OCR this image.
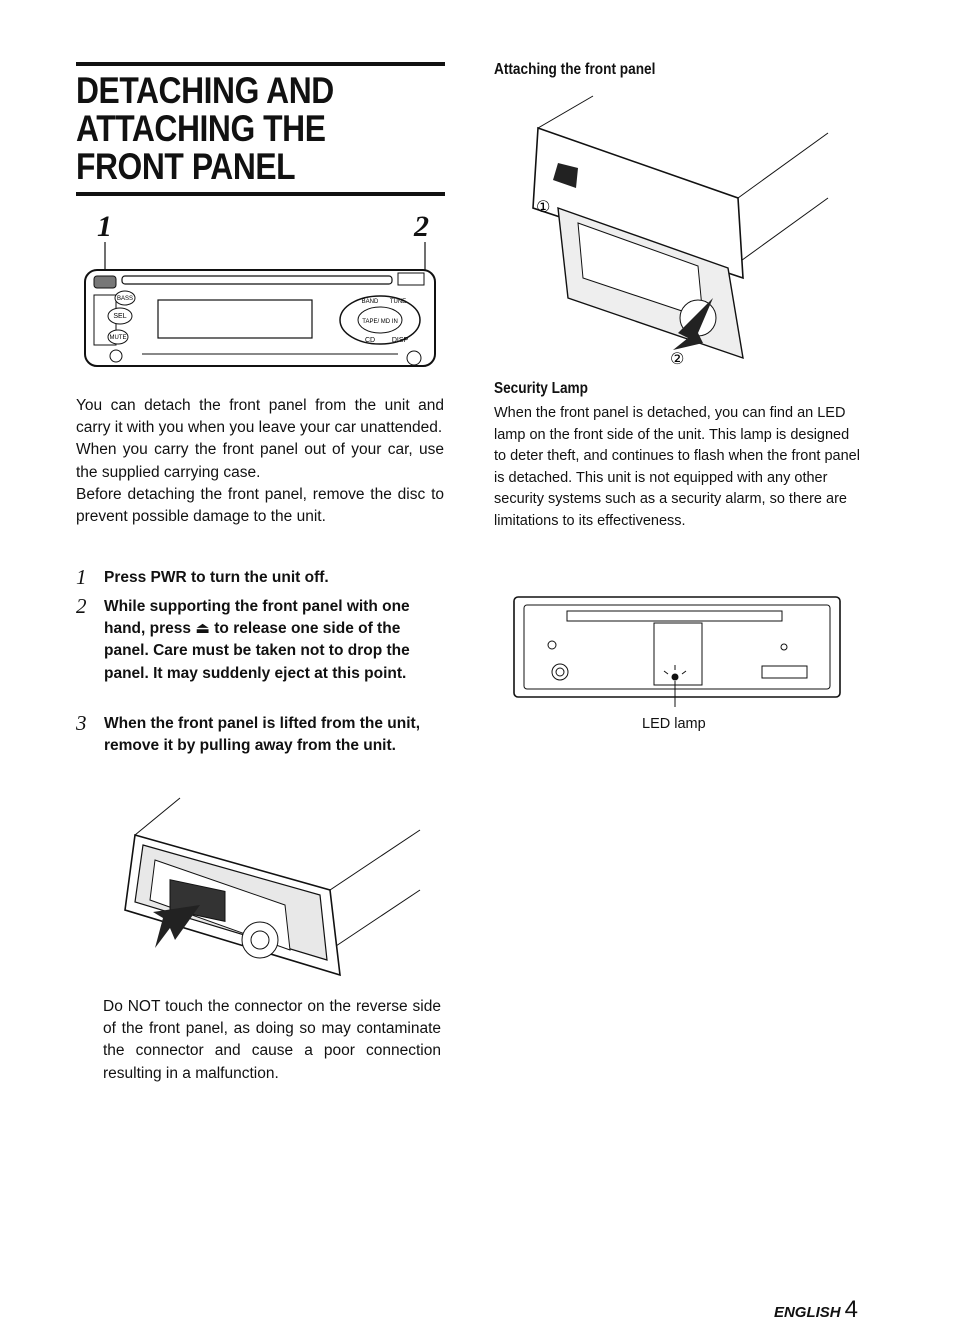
DETACHING AND ATTACHING THE FRONT PANEL
1	2
BASS
SEL
MUTE
BAND TUNE
TAPE/ MD IN
CD DISP

You can detach the front panel from the unit and carry it with you when you leave your car unattended.

When you carry the front panel out of your car, use the supplied carrying case.

Before detaching the front panel, remove the disc to prevent possible damage to the unit.

1	Press PWR to turn the unit off.
2	While supporting the front panel with one hand, press ⏏ to release one side of the panel. Care must be taken not to drop the panel. It may suddenly eject at this point.
3	When the front panel is lifted from the unit, remove it by pulling away from the unit.
Do NOT touch the connector on the reverse side of the front panel, as doing so may contaminate the connector and cause a poor connection resulting in a malfunction.
Attaching the front panel
①
②
Security Lamp
When the front panel is detached, you can find an LED lamp on the front side of the unit. This lamp is designed to deter theft, and continues to flash when the front panel is detached. This unit is not equipped with any other security systems such as a security alarm, so there are limitations to its effectiveness.
LED lamp
ENGLISH 4
